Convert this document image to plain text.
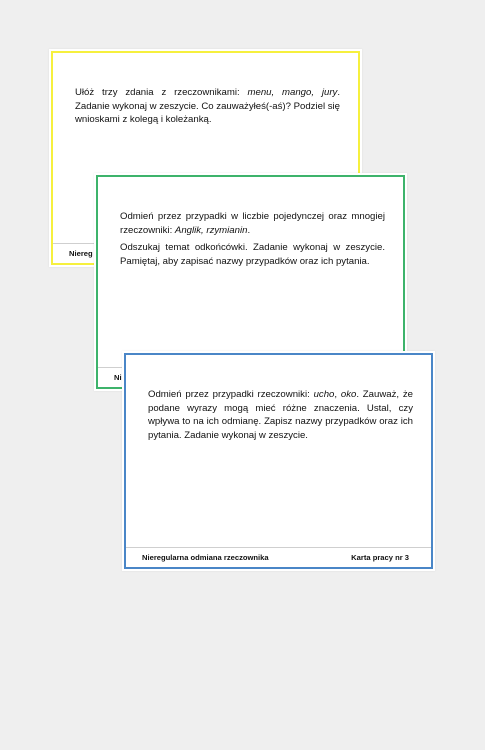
Ułóż trzy zdania z rzeczownikami: menu, mango, jury. Zadanie wykonaj w zeszycie. Co zauważyłeś(-aś)? Podziel się wnioskami z kolegą i koleżanką.

Niereg

Odmień przez przypadki w liczbie pojedynczej oraz mnogiej rzeczowniki: Anglik, rzymianin.

Odszukaj temat odkońcówki. Zadanie wykonaj w zeszycie. Pamiętaj, aby zapisać nazwy przypadków oraz ich pytania.

Ni

Odmień przez przypadki rzeczowniki: ucho, oko. Zauważ, że podane wyrazy mogą mieć różne znaczenia. Ustal, czy wpływa to na ich odmianę. Zapisz nazwy przypadków oraz ich pytania. Zadanie wykonaj w zeszycie.

Nieregularna odmiana rzeczownika	Karta pracy nr 3
